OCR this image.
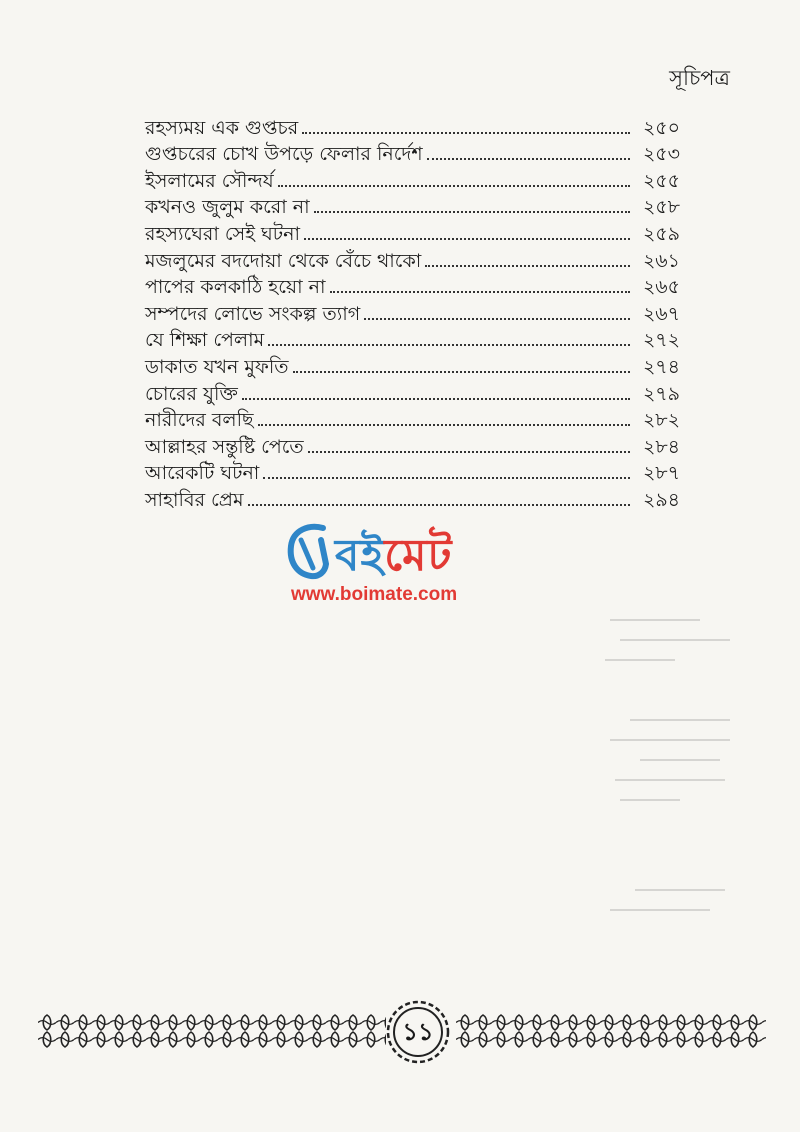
সূচিপত্র
রহস্যময় এক গুপ্তচর	২৫০
গুপ্তচরের চোখ উপড়ে ফেলার নির্দেশ	২৫৩
ইসলামের সৌন্দর্য	২৫৫
কখনও জুলুম করো না	২৫৮
রহস্যঘেরা সেই ঘটনা	২৫৯
মজলুমের বদদোয়া থেকে বেঁচে থাকো	২৬১
পাপের কলকাঠি হয়ো না	২৬৫
সম্পদের লোভে সংকল্প ত্যাগ	২৬৭
যে শিক্ষা পেলাম	২৭২
ডাকাত যখন মুফতি	২৭৪
চোরের যুক্তি	২৭৯
নারীদের বলছি	২৮২
আল্লাহর সন্তুষ্টি পেতে	২৮৪
আরেকটি ঘটনা	২৮৭
সাহাবির প্রেম	২৯৪
বইমেট
www.boimate.com
১১
